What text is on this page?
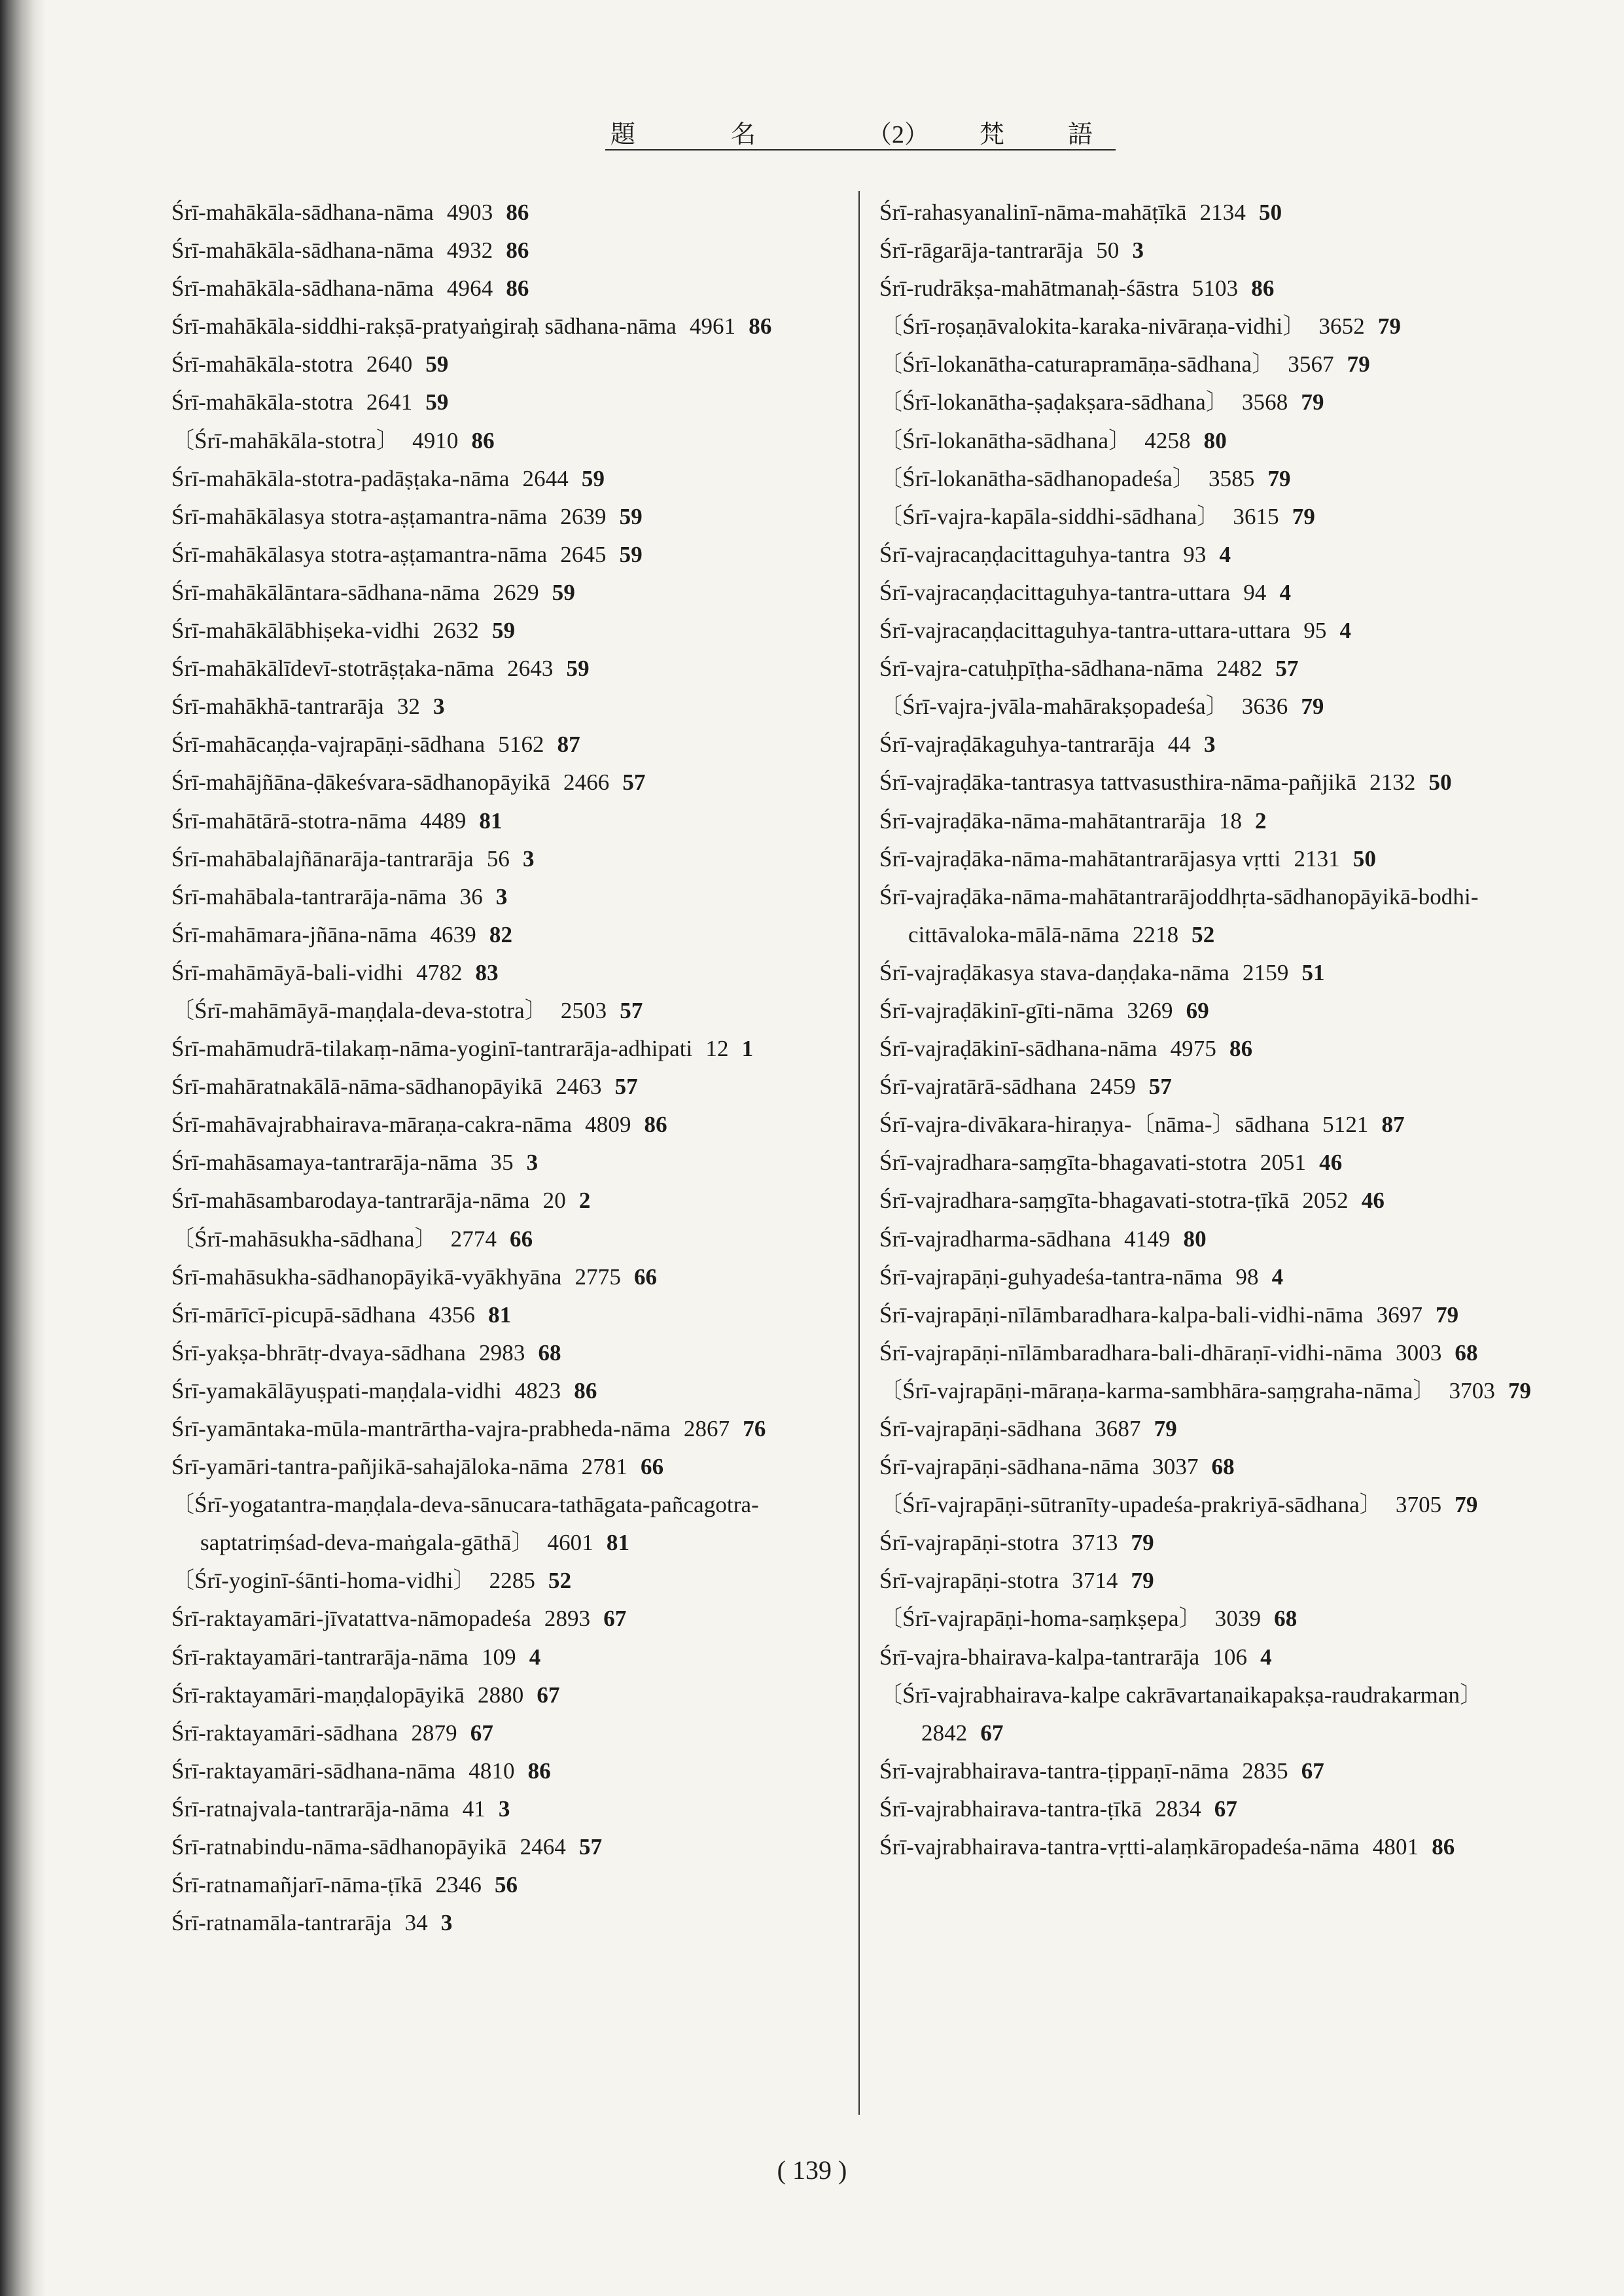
題	名	（2） 梵	語
Śrī-mahākāla-sādhana-nāma 4903 86
Śrī-mahākāla-sādhana-nāma 4932 86
Śrī-mahākāla-sādhana-nāma 4964 86
Śrī-mahākāla-siddhi-rakṣā-pratyaṅgiraḥ sādhana-nāma 4961 86
Śrī-mahākāla-stotra 2640 59
Śrī-mahākāla-stotra 2641 59
〔Śrī-mahākāla-stotra〕 4910 86
Śrī-mahākāla-stotra-padāṣṭaka-nāma 2644 59
Śrī-mahākālasya stotra-aṣṭamantra-nāma 2639 59
Śrī-mahākālasya stotra-aṣṭamantra-nāma 2645 59
Śrī-mahākālāntara-sādhana-nāma 2629 59
Śrī-mahākālābhiṣeka-vidhi 2632 59
Śrī-mahākālīdevī-stotrāṣṭaka-nāma 2643 59
Śrī-mahākhā-tantrarāja 32 3
Śrī-mahācaṇḍa-vajrapāṇi-sādhana 5162 87
Śrī-mahājñāna-ḍākeśvara-sādhanopāyikā 2466 57
Śrī-mahātārā-stotra-nāma 4489 81
Śrī-mahābalajñānarāja-tantrarāja 56 3
Śrī-mahābala-tantrarāja-nāma 36 3
Śrī-mahāmara-jñāna-nāma 4639 82
Śrī-mahāmāyā-bali-vidhi 4782 83
〔Śrī-mahāmāyā-maṇḍala-deva-stotra〕 2503 57
Śrī-mahāmudrā-tilakaṃ-nāma-yoginī-tantrarāja-adhipati 12 1
Śrī-mahāratnakālā-nāma-sādhanopāyikā 2463 57
Śrī-mahāvajrabhairava-māraṇa-cakra-nāma 4809 86
Śrī-mahāsamaya-tantrarāja-nāma 35 3
Śrī-mahāsambarodaya-tantrarāja-nāma 20 2
〔Śrī-mahāsukha-sādhana〕 2774 66
Śrī-mahāsukha-sādhanopāyikā-vyākhyāna 2775 66
Śrī-mārīcī-picupā-sādhana 4356 81
Śrī-yakṣa-bhrātṛ-dvaya-sādhana 2983 68
Śrī-yamakālāyuṣpati-maṇḍala-vidhi 4823 86
Śrī-yamāntaka-mūla-mantrārtha-vajra-prabheda-nāma 2867 76
Śrī-yamāri-tantra-pañjikā-sahajāloka-nāma 2781 66
〔Śrī-yogatantra-maṇḍala-deva-sānucara-tathāgata-pañcagotra-saptatriṃśad-deva-maṅgala-gāthā〕 4601 81
〔Śrī-yoginī-śānti-homa-vidhi〕 2285 52
Śrī-raktayamāri-jīvatattva-nāmopadeśa 2893 67
Śrī-raktayamāri-tantrarāja-nāma 109 4
Śrī-raktayamāri-maṇḍalopāyikā 2880 67
Śrī-raktayamāri-sādhana 2879 67
Śrī-raktayamāri-sādhana-nāma 4810 86
Śrī-ratnajvala-tantrarāja-nāma 41 3
Śrī-ratnabindu-nāma-sādhanopāyikā 2464 57
Śrī-ratnamañjarī-nāma-ṭīkā 2346 56
Śrī-ratnamāla-tantrarāja 34 3
Śrī-rahasyanalinī-nāma-mahāṭīkā 2134 50
Śrī-rāgarāja-tantrarāja 50 3
Śrī-rudrākṣa-mahātmanaḥ-śāstra 5103 86
〔Śrī-roṣaṇāvalokita-karaka-nivāraṇa-vidhi〕 3652 79
〔Śrī-lokanātha-caturapramāṇa-sādhana〕 3567 79
〔Śrī-lokanātha-ṣaḍakṣara-sādhana〕 3568 79
〔Śrī-lokanātha-sādhana〕 4258 80
〔Śrī-lokanātha-sādhanopadeśa〕 3585 79
〔Śrī-vajra-kapāla-siddhi-sādhana〕 3615 79
Śrī-vajracaṇḍacittaguhya-tantra 93 4
Śrī-vajracaṇḍacittaguhya-tantra-uttara 94 4
Śrī-vajracaṇḍacittaguhya-tantra-uttara-uttara 95 4
Śrī-vajra-catuḥpīṭha-sādhana-nāma 2482 57
〔Śrī-vajra-jvāla-mahārakṣopadeśa〕 3636 79
Śrī-vajraḍākaguhya-tantrarāja 44 3
Śrī-vajraḍāka-tantrasya tattvasusthira-nāma-pañjikā 2132 50
Śrī-vajraḍāka-nāma-mahātantrarāja 18 2
Śrī-vajraḍāka-nāma-mahātantrarājasya vṛtti 2131 50
Śrī-vajraḍāka-nāma-mahātantrarājoddhṛta-sādhanopāyikā-bodhi-cittāvaloka-mālā-nāma 2218 52
Śrī-vajraḍākasya stava-daṇḍaka-nāma 2159 51
Śrī-vajraḍākinī-gīti-nāma 3269 69
Śrī-vajraḍākinī-sādhana-nāma 4975 86
Śrī-vajratārā-sādhana 2459 57
Śrī-vajra-divākara-hiraṇya-〔nāma-〕sādhana 5121 87
Śrī-vajradhara-saṃgīta-bhagavati-stotra 2051 46
Śrī-vajradhara-saṃgīta-bhagavati-stotra-ṭīkā 2052 46
Śrī-vajradharma-sādhana 4149 80
Śrī-vajrapāṇi-guhyadeśa-tantra-nāma 98 4
Śrī-vajrapāṇi-nīlāmbaradhara-kalpa-bali-vidhi-nāma 3697 79
Śrī-vajrapāṇi-nīlāmbaradhara-bali-dhāraṇī-vidhi-nāma 3003 68
〔Śrī-vajrapāṇi-māraṇa-karma-sambhāra-saṃgraha-nāma〕 3703 79
Śrī-vajrapāṇi-sādhana 3687 79
Śrī-vajrapāṇi-sādhana-nāma 3037 68
〔Śrī-vajrapāṇi-sūtranīty-upadeśa-prakriyā-sādhana〕 3705 79
Śrī-vajrapāṇi-stotra 3713 79
Śrī-vajrapāṇi-stotra 3714 79
〔Śrī-vajrapāṇi-homa-saṃkṣepa〕 3039 68
Śrī-vajra-bhairava-kalpa-tantrarāja 106 4
〔Śrī-vajrabhairava-kalpe cakrāvartanaikapakṣa-raudrakarman〕2842 67
Śrī-vajrabhairava-tantra-ṭippaṇī-nāma 2835 67
Śrī-vajrabhairava-tantra-ṭīkā 2834 67
Śrī-vajrabhairava-tantra-vṛtti-alaṃkāropadeśa-nāma 4801 86
( 139 )
